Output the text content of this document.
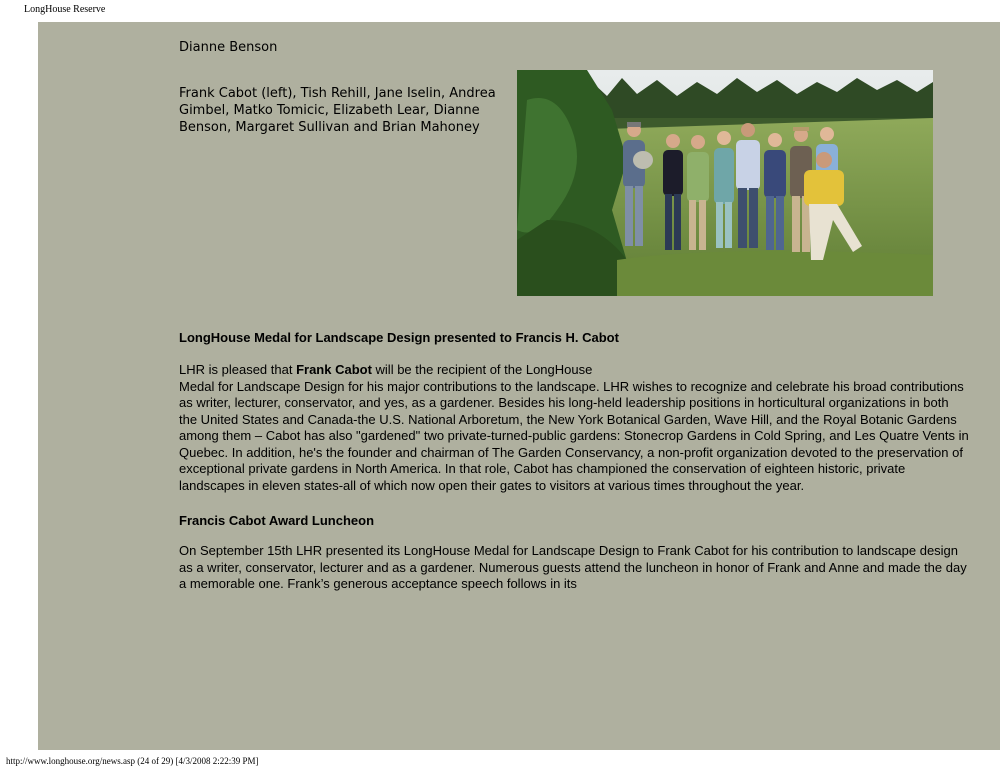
LongHouse Reserve
Dianne Benson
Frank Cabot (left), Tish Rehill, Jane Iselin, Andrea Gimbel, Matko Tomicic, Elizabeth Lear, Dianne Benson, Margaret Sullivan and Brian Mahoney
LongHouse Medal for Landscape Design presented to Francis H. Cabot
LHR is pleased that Frank Cabot will be the recipient of the LongHouse
Medal for Landscape Design for his major contributions to the landscape. LHR wishes to recognize and celebrate his broad contributions as writer, lecturer, conservator, and yes, as a gardener. Besides his long-held leadership positions in horticultural organizations in both the United States and Canada-the U.S. National Arboretum, the New York Botanical Garden, Wave Hill, and the Royal Botanic Gardens among them – Cabot has also "gardened" two private-turned-public gardens: Stonecrop Gardens in Cold Spring, and Les Quatre Vents in Quebec. In addition, he's the founder and chairman of The Garden Conservancy, a non-profit organization devoted to the preservation of exceptional private gardens in North America. In that role, Cabot has championed the conservation of eighteen historic, private landscapes in eleven states-all of which now open their gates to visitors at various times throughout the year.
Francis Cabot Award Luncheon
On September 15th LHR presented its LongHouse Medal for Landscape Design to Frank Cabot for his contribution to landscape design as a writer, conservator, lecturer and as a gardener. Numerous guests attend the luncheon in honor of Frank and Anne and made the day a memorable one. Frank’s generous acceptance speech follows in its
http://www.longhouse.org/news.asp (24 of 29) [4/3/2008 2:22:39 PM]
